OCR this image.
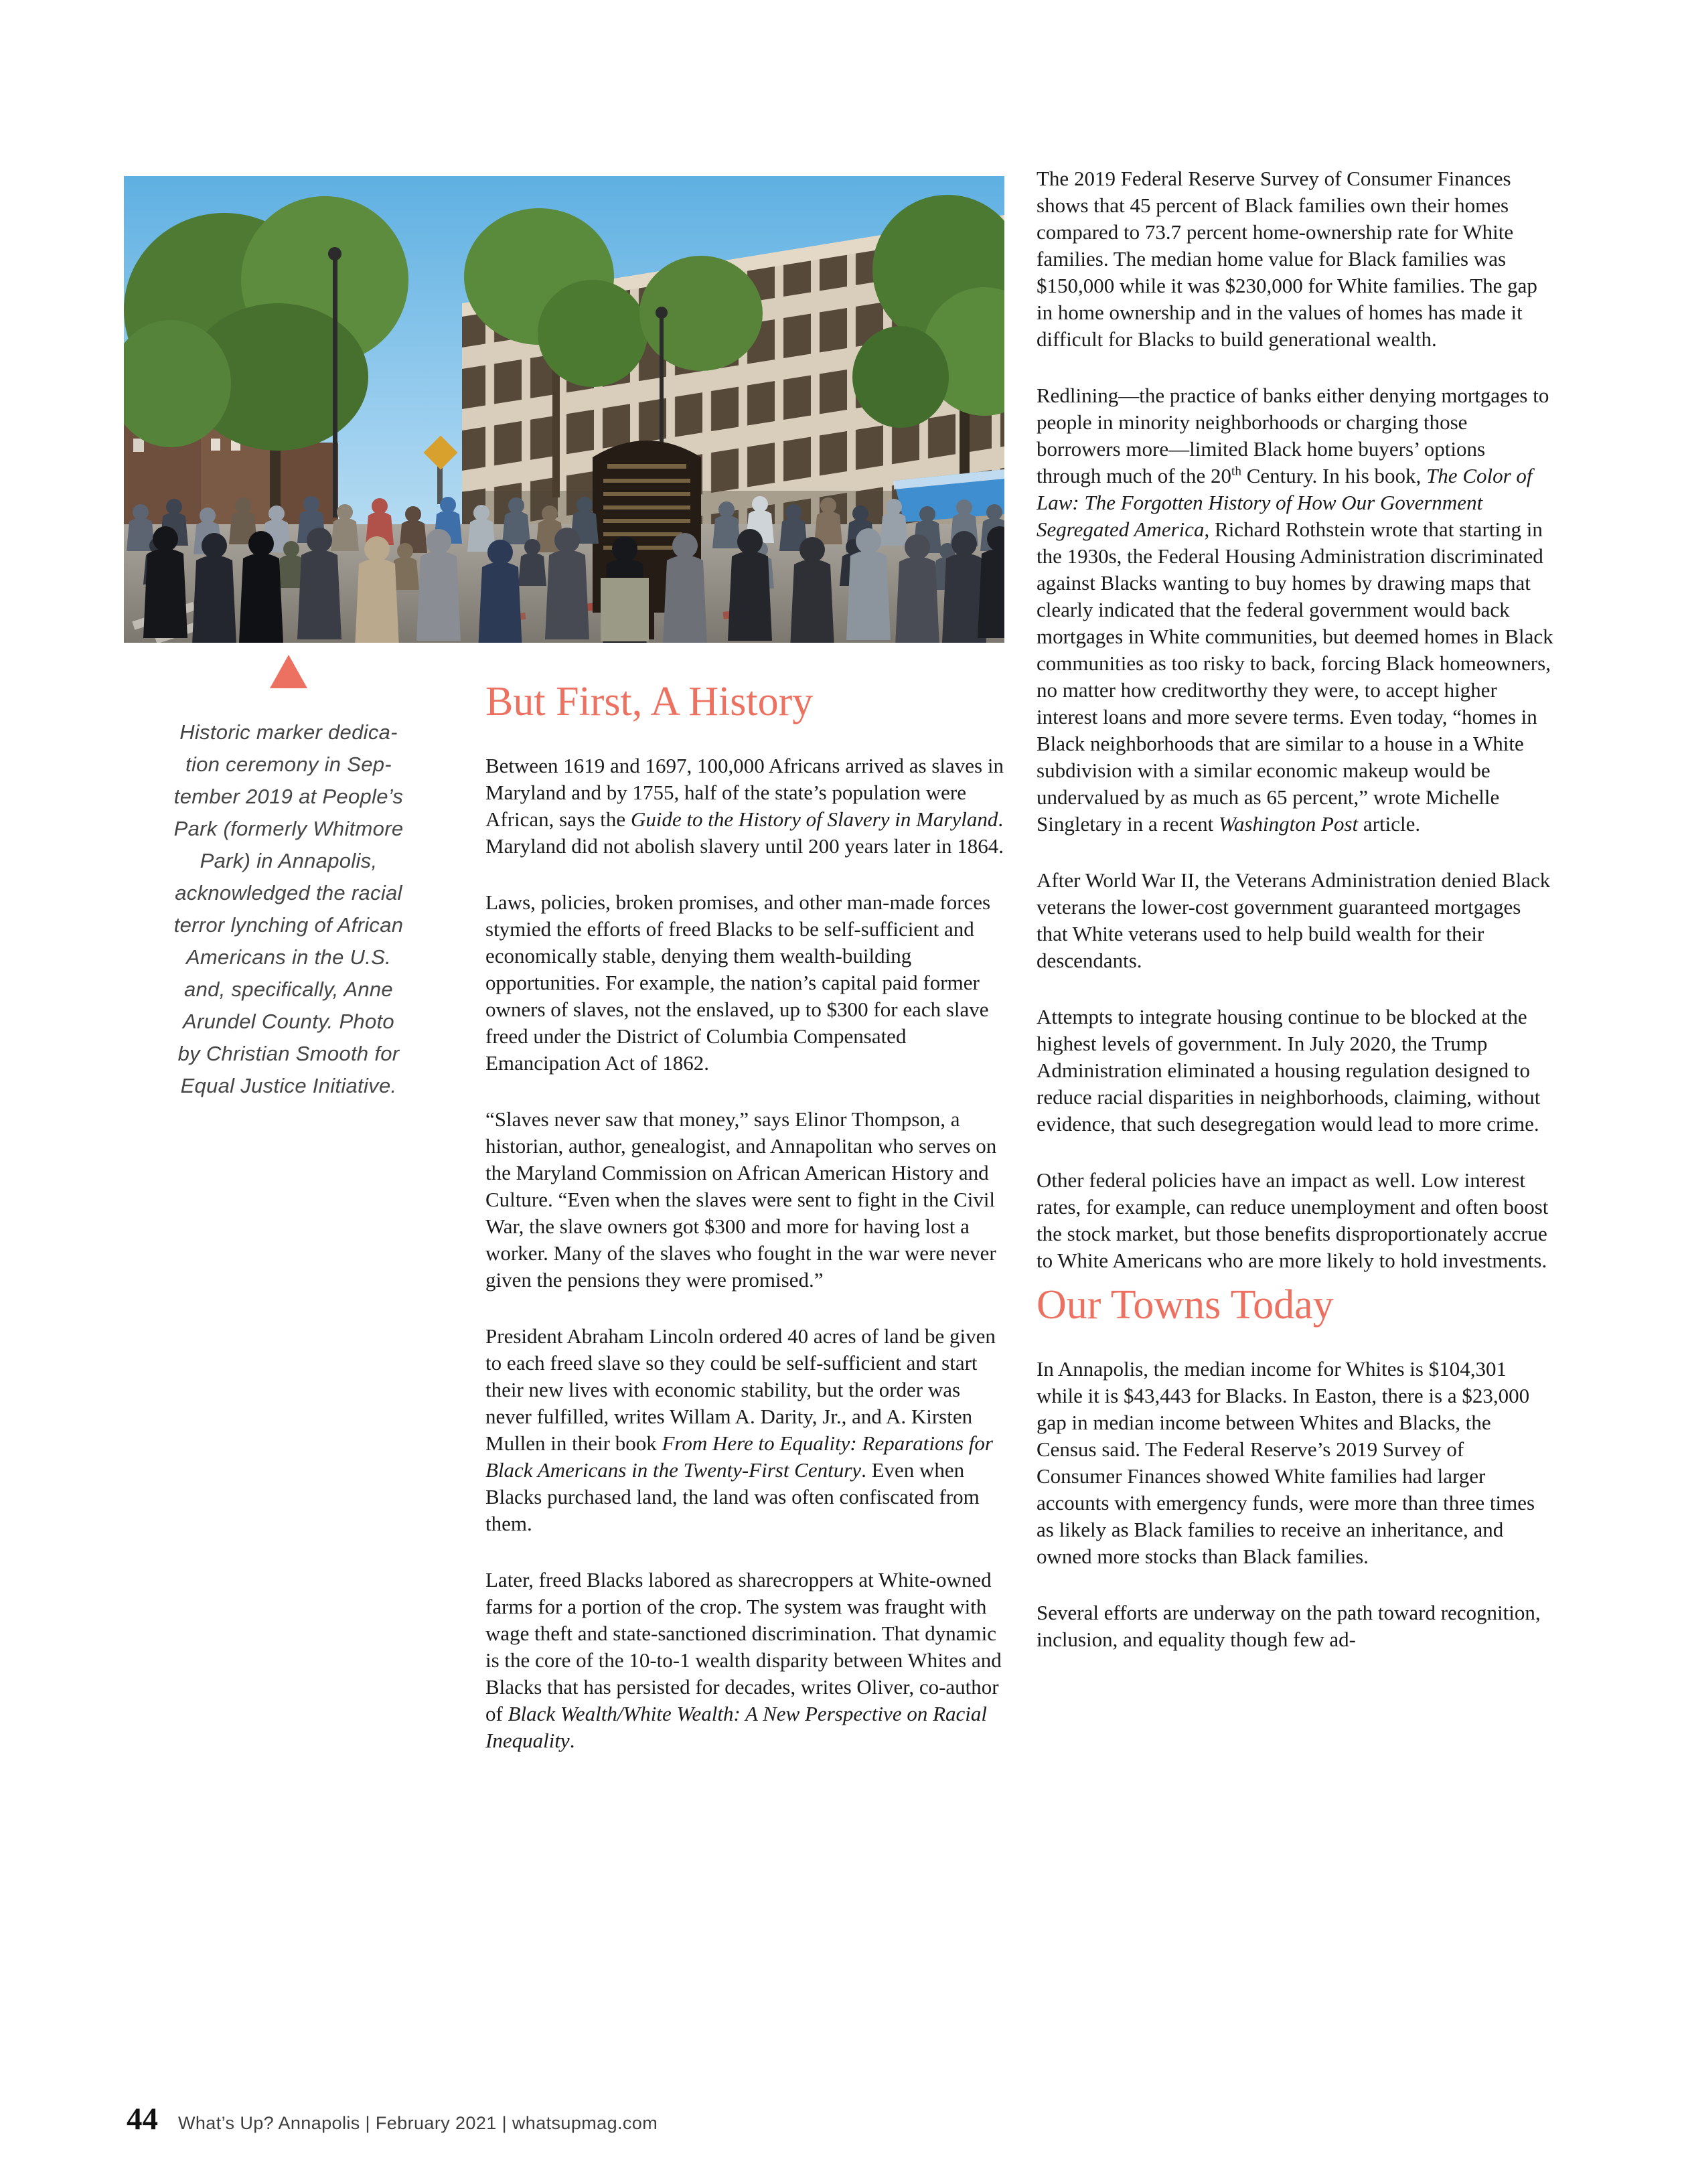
Historic marker dedica-
tion ceremony in Sep-
tember 2019 at People’s
Park (formerly Whitmore
Park) in Annapolis,
acknowledged the racial
terror lynching of African
Americans in the U.S.
and, specifically, Anne
Arundel County. Photo
by Christian Smooth for
Equal Justice Initiative.

But First, A History

Between 1619 and 1697, 100,000 Africans arrived as slaves in Maryland and by 1755, half of the state’s population were African, says the Guide to the History of Slavery in Maryland. Maryland did not abolish slavery until 200 years later in 1864.

Laws, policies, broken promises, and other man-made forces stymied the efforts of freed Blacks to be self-sufficient and economically stable, denying them wealth-building opportunities. For example, the nation’s capital paid former owners of slaves, not the enslaved, up to $300 for each slave freed under the District of Columbia Compensated Emancipation Act of 1862.

“Slaves never saw that money,” says Elinor Thompson, a historian, author, genealogist, and Annapolitan who serves on the Maryland Commission on African American History and Culture. “Even when the slaves were sent to fight in the Civil War, the slave owners got $300 and more for having lost a worker. Many of the slaves who fought in the war were never given the pensions they were promised.”

President Abraham Lincoln ordered 40 acres of land be given to each freed slave so they could be self-sufficient and start their new lives with economic stability, but the order was never fulfilled, writes Willam A. Darity, Jr., and A. Kirsten Mullen in their book From Here to Equality: Reparations for Black Americans in the Twenty-First Century. Even when Blacks purchased land, the land was often confiscated from them.

Later, freed Blacks labored as sharecroppers at White-owned farms for a portion of the crop. The system was fraught with wage theft and state-sanctioned discrimination. That dynamic is the core of the 10-to-1 wealth disparity between Whites and Blacks that has persisted for decades, writes Oliver, co-author of Black Wealth/White Wealth: A New Perspective on Racial Inequality.

The 2019 Federal Reserve Survey of Consumer Finances shows that 45 percent of Black families own their homes compared to 73.7 percent home-ownership rate for White families. The median home value for Black families was $150,000 while it was $230,000 for White families. The gap in home ownership and in the values of homes has made it difficult for Blacks to build generational wealth.

Redlining—the practice of banks either denying mortgages to people in minority neighborhoods or charging those borrowers more—limited Black home buyers’ options through much of the 20th Century. In his book, The Color of Law: The Forgotten History of How Our Government Segregated America, Richard Rothstein wrote that starting in the 1930s, the Federal Housing Administration discriminated against Blacks wanting to buy homes by drawing maps that clearly indicated that the federal government would back mortgages in White communities, but deemed homes in Black communities as too risky to back, forcing Black homeowners, no matter how creditworthy they were, to accept higher interest loans and more severe terms. Even today, “homes in Black neighborhoods that are similar to a house in a White subdivision with a similar economic makeup would be undervalued by as much as 65 percent,” wrote Michelle Singletary in a recent Washington Post article.

After World War II, the Veterans Administration denied Black veterans the lower-cost government guaranteed mortgages that White veterans used to help build wealth for their descendants.

Attempts to integrate housing continue to be blocked at the highest levels of government. In July 2020, the Trump Administration eliminated a housing regulation designed to reduce racial disparities in neighborhoods, claiming, without evidence, that such desegregation would lead to more crime.

Other federal policies have an impact as well. Low interest rates, for example, can reduce unemployment and often boost the stock market, but those benefits disproportionately accrue to White Americans who are more likely to hold investments.

Our Towns Today

In Annapolis, the median income for Whites is $104,301 while it is $43,443 for Blacks. In Easton, there is a $23,000 gap in median income between Whites and Blacks, the Census said. The Federal Reserve’s 2019 Survey of Consumer Finances showed White families had larger accounts with emergency funds, were more than three times as likely as Black families to receive an inheritance, and owned more stocks than Black families.

Several efforts are underway on the path toward recognition, inclusion, and equality though few ad-

44 What’s Up? Annapolis | February 2021 | whatsupmag.com
